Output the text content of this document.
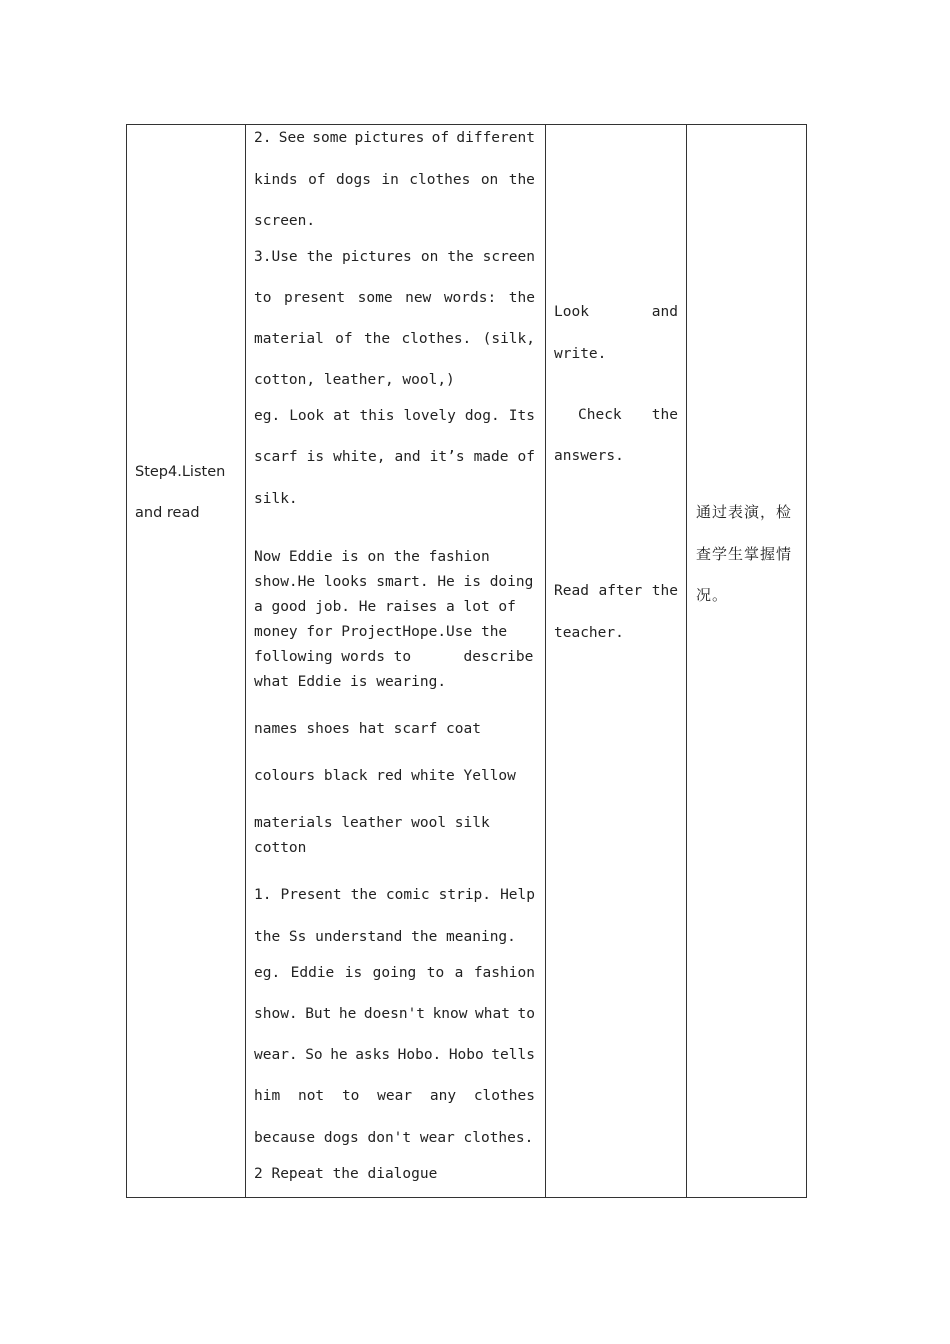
Step4.Listen
and read
2. See some pictures of different
kinds of dogs in clothes on the
screen.
3.Use the pictures on the screen
to present some new words: the
material of the clothes. (silk,
cotton, leather, wool,)
eg. Look at this lovely dog. Its
scarf is white, and it’s made of
silk.
Now Eddie is on the fashion
show.He looks smart. He is doing
a good job. He raises a lot of
money for ProjectHope.Use the
following words to      describe
what Eddie is wearing.
names shoes hat scarf coat
colours black red white Yellow
materials leather wool silk
cotton
1. Present the comic strip. Help
the Ss understand the meaning.
eg. Eddie is going to a fashion
show. But he doesn't know what to
wear. So he asks Hobo. Hobo tells
him not to wear any clothes
because dogs don't wear clothes.
2 Repeat the dialogue
Look	and
write.
Check the
answers.
Read after the
teacher.
通过表演，检
查学生掌握情
况。
